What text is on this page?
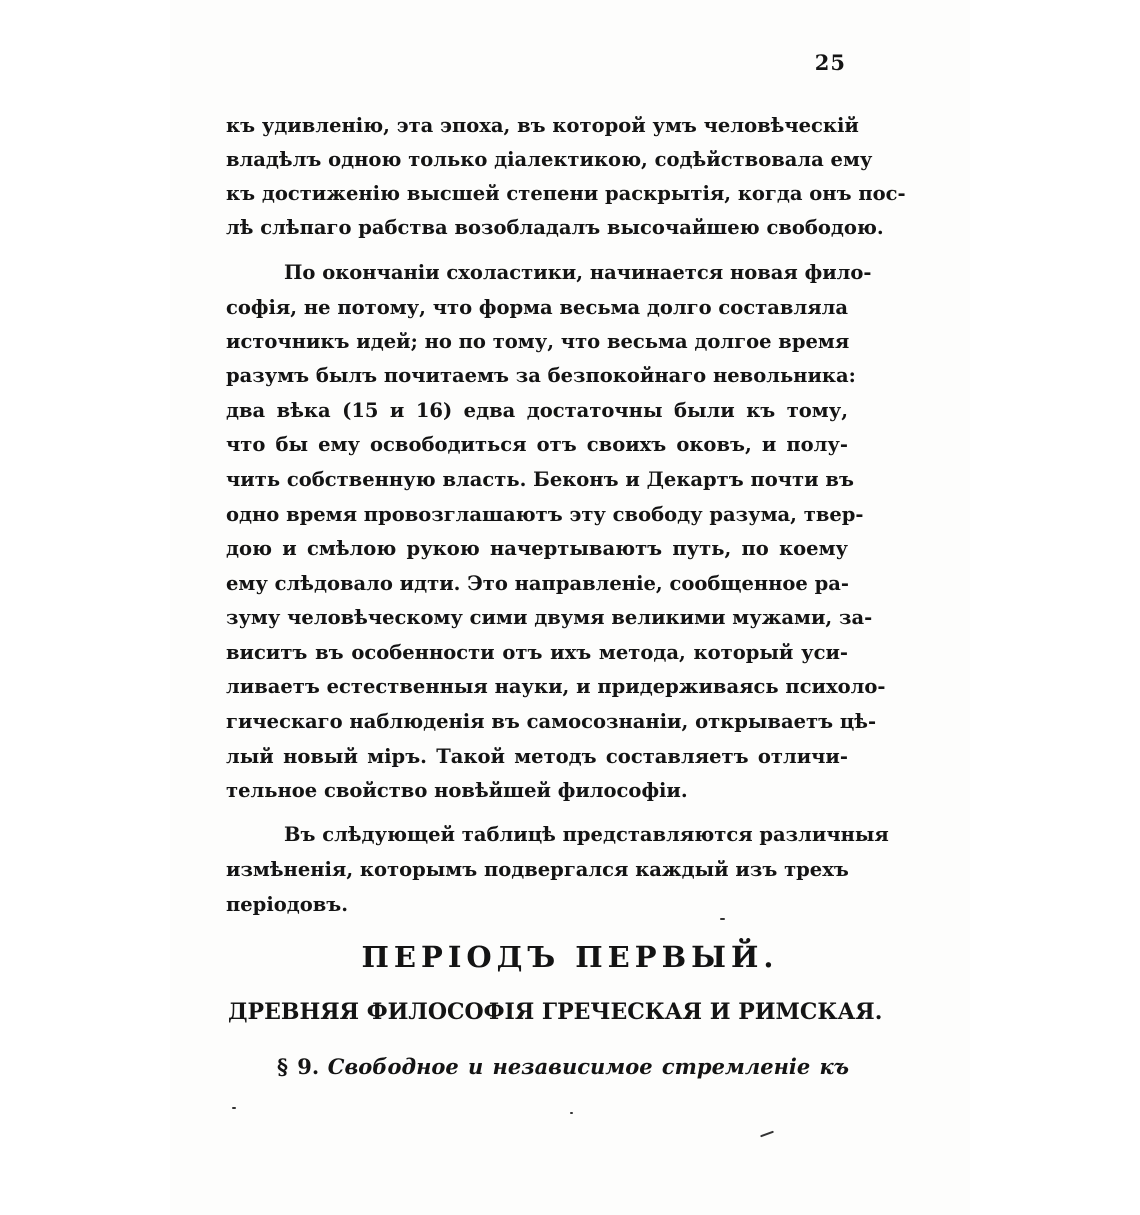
25
къ удивленію, эта эпоха, въ которой умъ человѣческій
владѣлъ одною только діалектикою, содѣйствовала ему
къ достиженію высшей степени раскрытія, когда онъ пос-
лѣ слѣпаго рабства возобладалъ высочайшею свободою.
По окончаніи схоластики, начинается новая фило-
софія, не потому, что форма весьма долго составляла
источникъ идей; но по тому, что весьма долгое время
разумъ былъ почитаемъ за безпокойнаго невольника:
два вѣка (15 и 16) едва достаточны были къ тому,
что бы ему освободиться отъ своихъ оковъ, и полу-
чить собственную власть. Беконъ и Декартъ почти въ
одно время провозглашаютъ эту свободу разума, твер-
дою и смѣлою рукою начертываютъ путь, по коему
ему слѣдовало идти. Это направленіе, сообщенное ра-
зуму человѣческому сими двумя великими мужами, за-
виситъ въ особенности отъ ихъ метода, который уси-
ливаетъ естественныя науки, и придерживаясь психоло-
гическаго наблюденія въ самосознаніи, открываетъ цѣ-
лый новый міръ. Такой методъ составляетъ отличи-
тельное свойство новѣйшей философіи.
Въ слѣдующей таблицѣ представляются различныя
измѣненія, которымъ подвергался каждый изъ трехъ
періодовъ.
ПЕРІОДЪ ПЕРВЫЙ.
ДРЕВНЯЯ ФИЛОСОФІЯ ГРЕЧЕСКАЯ И РИМСКАЯ.
§ 9. Свободное и независимое стремленіе къ
